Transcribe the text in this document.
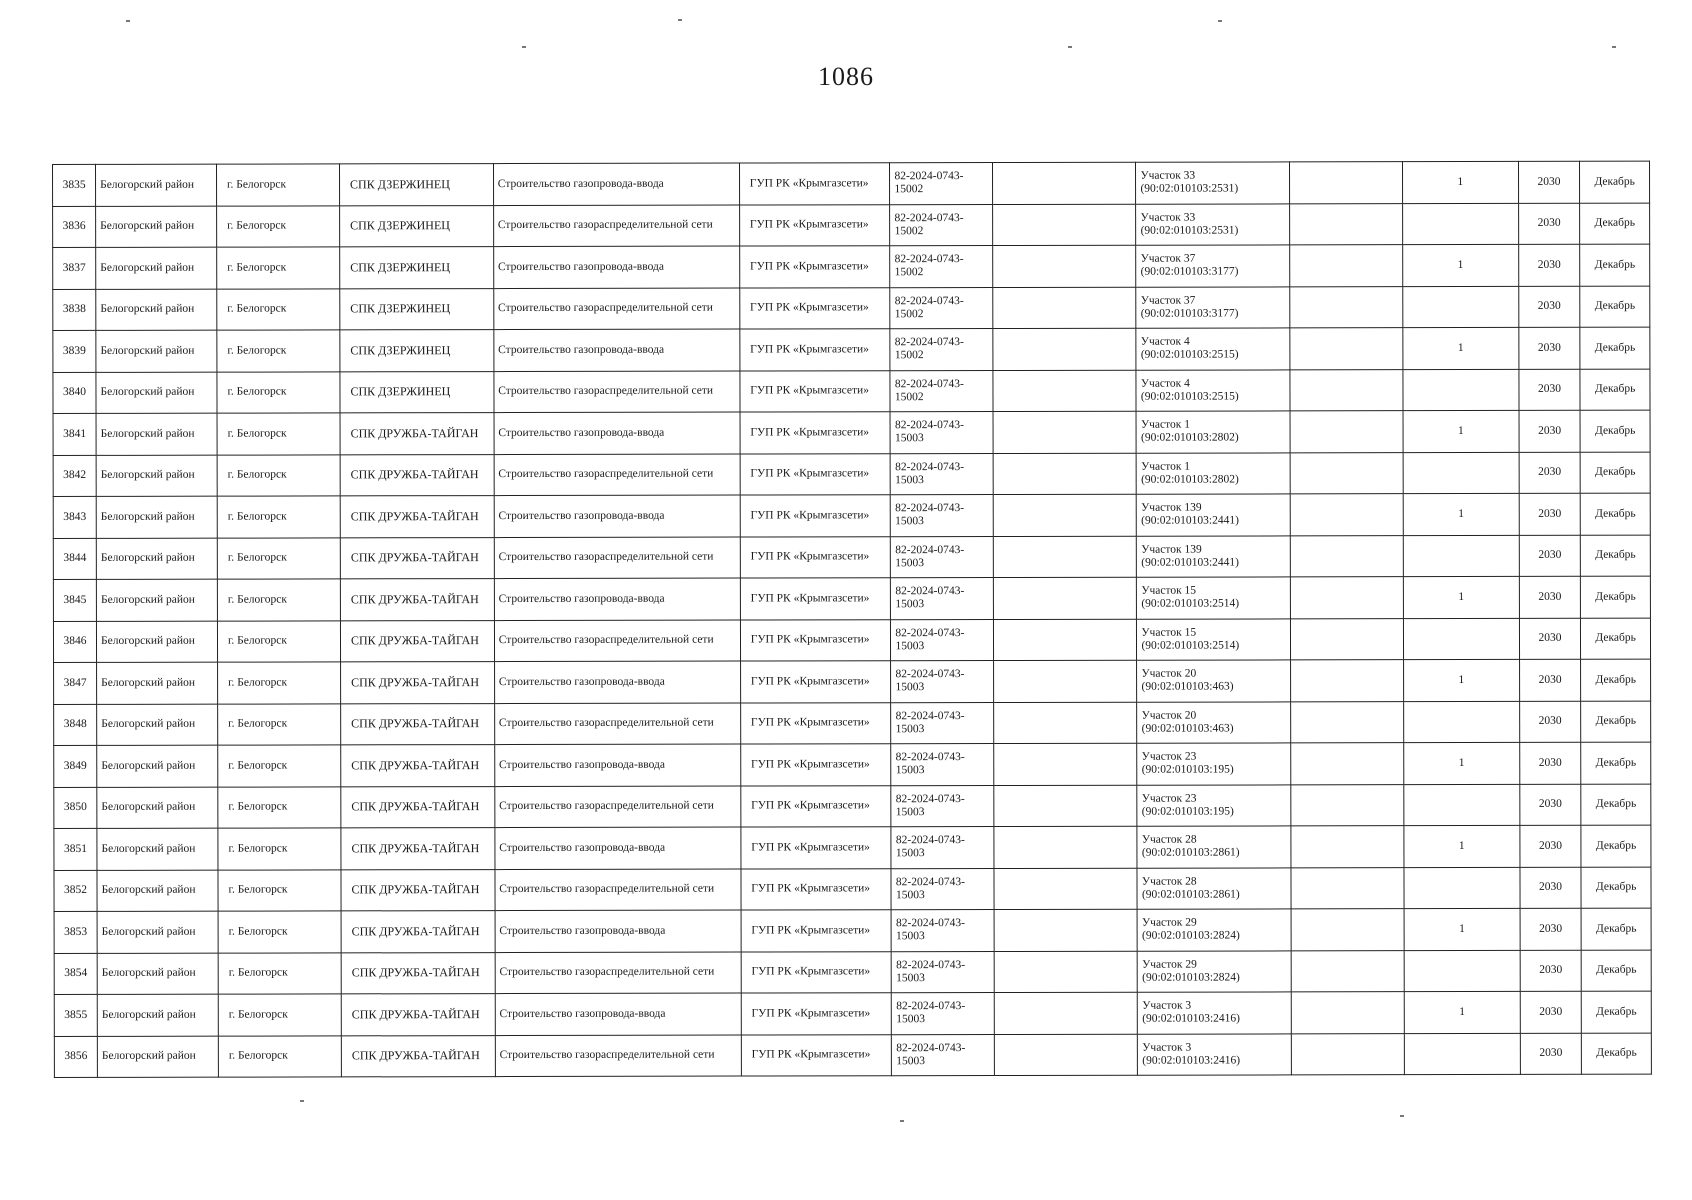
1086
3835	Белогорский район	г. Белогорск	СПК ДЗЕРЖИНЕЦ	Строительство газопровода-ввода	ГУП РК «Крымгазсети»	82-2024-0743-15002		Участок 33 (90:02:010103:2531)		1	2030	Декабрь
3836	Белогорский район	г. Белогорск	СПК ДЗЕРЖИНЕЦ	Строительство газораспределительной сети	ГУП РК «Крымгазсети»	82-2024-0743-15002		Участок 33 (90:02:010103:2531)			2030	Декабрь
3837	Белогорский район	г. Белогорск	СПК ДЗЕРЖИНЕЦ	Строительство газопровода-ввода	ГУП РК «Крымгазсети»	82-2024-0743-15002		Участок 37 (90:02:010103:3177)		1	2030	Декабрь
3838	Белогорский район	г. Белогорск	СПК ДЗЕРЖИНЕЦ	Строительство газораспределительной сети	ГУП РК «Крымгазсети»	82-2024-0743-15002		Участок 37 (90:02:010103:3177)			2030	Декабрь
3839	Белогорский район	г. Белогорск	СПК ДЗЕРЖИНЕЦ	Строительство газопровода-ввода	ГУП РК «Крымгазсети»	82-2024-0743-15002		Участок 4 (90:02:010103:2515)		1	2030	Декабрь
3840	Белогорский район	г. Белогорск	СПК ДЗЕРЖИНЕЦ	Строительство газораспределительной сети	ГУП РК «Крымгазсети»	82-2024-0743-15002		Участок 4 (90:02:010103:2515)			2030	Декабрь
3841	Белогорский район	г. Белогорск	СПК ДРУЖБА-ТАЙГАН	Строительство газопровода-ввода	ГУП РК «Крымгазсети»	82-2024-0743-15003		Участок 1 (90:02:010103:2802)		1	2030	Декабрь
3842	Белогорский район	г. Белогорск	СПК ДРУЖБА-ТАЙГАН	Строительство газораспределительной сети	ГУП РК «Крымгазсети»	82-2024-0743-15003		Участок 1 (90:02:010103:2802)			2030	Декабрь
3843	Белогорский район	г. Белогорск	СПК ДРУЖБА-ТАЙГАН	Строительство газопровода-ввода	ГУП РК «Крымгазсети»	82-2024-0743-15003		Участок 139 (90:02:010103:2441)		1	2030	Декабрь
3844	Белогорский район	г. Белогорск	СПК ДРУЖБА-ТАЙГАН	Строительство газораспределительной сети	ГУП РК «Крымгазсети»	82-2024-0743-15003		Участок 139 (90:02:010103:2441)			2030	Декабрь
3845	Белогорский район	г. Белогорск	СПК ДРУЖБА-ТАЙГАН	Строительство газопровода-ввода	ГУП РК «Крымгазсети»	82-2024-0743-15003		Участок 15 (90:02:010103:2514)		1	2030	Декабрь
3846	Белогорский район	г. Белогорск	СПК ДРУЖБА-ТАЙГАН	Строительство газораспределительной сети	ГУП РК «Крымгазсети»	82-2024-0743-15003		Участок 15 (90:02:010103:2514)			2030	Декабрь
3847	Белогорский район	г. Белогорск	СПК ДРУЖБА-ТАЙГАН	Строительство газопровода-ввода	ГУП РК «Крымгазсети»	82-2024-0743-15003		Участок 20 (90:02:010103:463)		1	2030	Декабрь
3848	Белогорский район	г. Белогорск	СПК ДРУЖБА-ТАЙГАН	Строительство газораспределительной сети	ГУП РК «Крымгазсети»	82-2024-0743-15003		Участок 20 (90:02:010103:463)			2030	Декабрь
3849	Белогорский район	г. Белогорск	СПК ДРУЖБА-ТАЙГАН	Строительство газопровода-ввода	ГУП РК «Крымгазсети»	82-2024-0743-15003		Участок 23 (90:02:010103:195)		1	2030	Декабрь
3850	Белогорский район	г. Белогорск	СПК ДРУЖБА-ТАЙГАН	Строительство газораспределительной сети	ГУП РК «Крымгазсети»	82-2024-0743-15003		Участок 23 (90:02:010103:195)			2030	Декабрь
3851	Белогорский район	г. Белогорск	СПК ДРУЖБА-ТАЙГАН	Строительство газопровода-ввода	ГУП РК «Крымгазсети»	82-2024-0743-15003		Участок 28 (90:02:010103:2861)		1	2030	Декабрь
3852	Белогорский район	г. Белогорск	СПК ДРУЖБА-ТАЙГАН	Строительство газораспределительной сети	ГУП РК «Крымгазсети»	82-2024-0743-15003		Участок 28 (90:02:010103:2861)			2030	Декабрь
3853	Белогорский район	г. Белогорск	СПК ДРУЖБА-ТАЙГАН	Строительство газопровода-ввода	ГУП РК «Крымгазсети»	82-2024-0743-15003		Участок 29 (90:02:010103:2824)		1	2030	Декабрь
3854	Белогорский район	г. Белогорск	СПК ДРУЖБА-ТАЙГАН	Строительство газораспределительной сети	ГУП РК «Крымгазсети»	82-2024-0743-15003		Участок 29 (90:02:010103:2824)			2030	Декабрь
3855	Белогорский район	г. Белогорск	СПК ДРУЖБА-ТАЙГАН	Строительство газопровода-ввода	ГУП РК «Крымгазсети»	82-2024-0743-15003		Участок 3 (90:02:010103:2416)		1	2030	Декабрь
3856	Белогорский район	г. Белогорск	СПК ДРУЖБА-ТАЙГАН	Строительство газораспределительной сети	ГУП РК «Крымгазсети»	82-2024-0743-15003		Участок 3 (90:02:010103:2416)			2030	Декабрь
